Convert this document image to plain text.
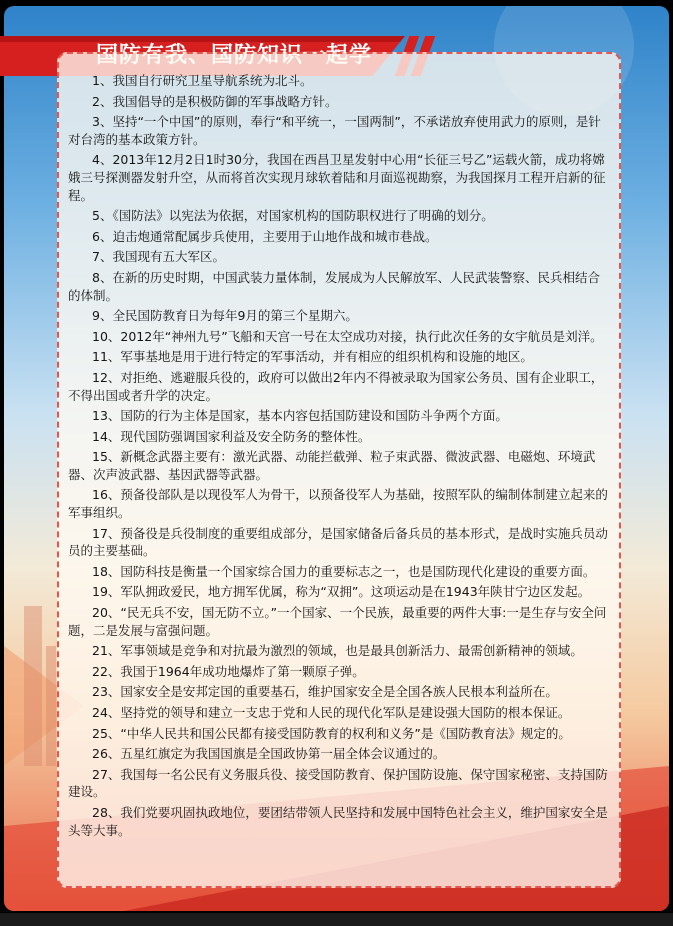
1、我国自行研究卫星导航系统为北斗。
2、我国倡导的是积极防御的军事战略方针。
3、坚持“一个中国”的原则，奉行“和平统一，一国两制”，不承诺放弃使用武力的原则，是针对台湾的基本政策方针。
4、2013年12月2日1时30分，我国在西昌卫星发射中心用“长征三号乙”运载火箭，成功将嫦娥三号探测器发射升空，从而将首次实现月球软着陆和月面巡视勘察，为我国探月工程开启新的征程。
5、《国防法》以宪法为依据，对国家机构的国防职权进行了明确的划分。
6、迫击炮通常配属步兵使用，主要用于山地作战和城市巷战。
7、我国现有五大军区。
8、在新的历史时期，中国武装力量体制，发展成为人民解放军、人民武装警察、民兵相结合的体制。
9、全民国防教育日为每年9月的第三个星期六。
10、2012年“神州九号”飞船和天宫一号在太空成功对接，执行此次任务的女宇航员是刘洋。
11、军事基地是用于进行特定的军事活动，并有相应的组织机构和设施的地区。
12、对拒绝、逃避服兵役的，政府可以做出2年内不得被录取为国家公务员、国有企业职工，不得出国或者升学的决定。
13、国防的行为主体是国家，基本内容包括国防建设和国防斗争两个方面。
14、现代国防强调国家利益及安全防务的整体性。
15、新概念武器主要有：激光武器、动能拦截弹、粒子束武器、微波武器、电磁炮、环境武器、次声波武器、基因武器等武器。
16、预备役部队是以现役军人为骨干，以预备役军人为基础，按照军队的编制体制建立起来的军事组织。
17、预备役是兵役制度的重要组成部分，是国家储备后备兵员的基本形式，是战时实施兵员动员的主要基础。
18、国防科技是衡量一个国家综合国力的重要标志之一，也是国防现代化建设的重要方面。
19、军队拥政爱民，地方拥军优属，称为“双拥”。这项运动是在1943年陕甘宁边区发起。
20、“民无兵不安，国无防不立。”一个国家、一个民族，最重要的两件大事:一是生存与安全问题，二是发展与富强问题。
21、军事领域是竞争和对抗最为激烈的领域，也是最具创新活力、最需创新精神的领域。
22、我国于1964年成功地爆炸了第一颗原子弹。
23、国家安全是安邦定国的重要基石，维护国家安全是全国各族人民根本利益所在。
24、坚持党的领导和建立一支忠于党和人民的现代化军队是建设强大国防的根本保证。
25、“中华人民共和国公民都有接受国防教育的权利和义务”是《国防教育法》规定的。
26、五星红旗定为我国国旗是全国政协第一届全体会议通过的。
27、我国每一名公民有义务服兵役、接受国防教育、保护国防设施、保守国家秘密、支持国防建设。
28、我们党要巩固执政地位，要团结带领人民坚持和发展中国特色社会主义，维护国家安全是头等大事。
